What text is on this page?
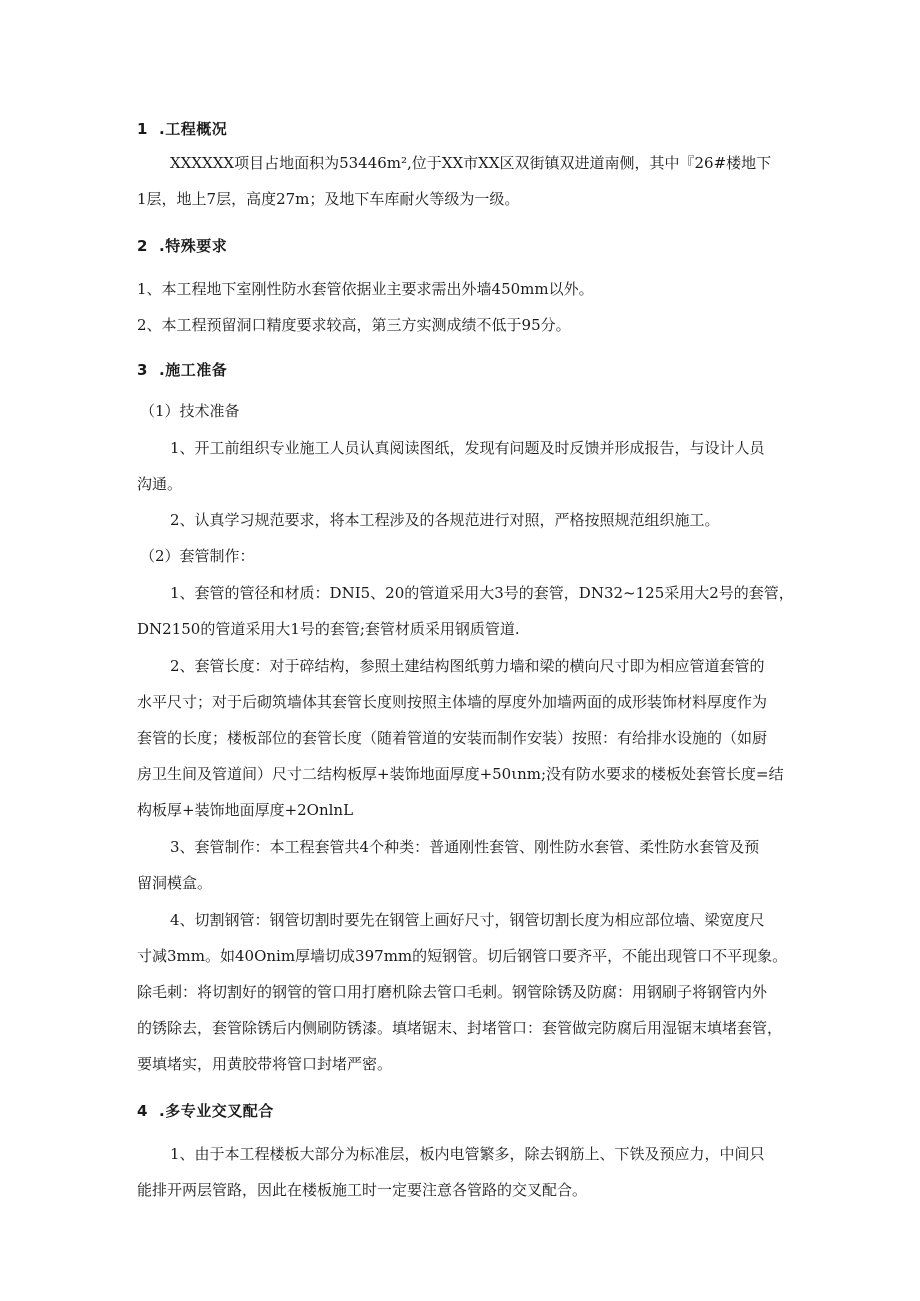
1 .工程概况
XXXXXX项目占地面积为53446m²,位于XX市XX区双街镇双进道南侧，其中『26#楼地下
1层，地上7层，高度27m；及地下车库耐火等级为一级。
2 .特殊要求
1、本工程地下室刚性防水套管依据业主要求需出外墙450mm以外。
2、本工程预留洞口精度要求较高，第三方实测成绩不低于95分。
3 .施工准备
（1）技术准备
1、开工前组织专业施工人员认真阅读图纸，发现有问题及时反馈并形成报告，与设计人员
沟通。
2、认真学习规范要求，将本工程涉及的各规范进行对照，严格按照规范组织施工。
（2）套管制作：
1、套管的管径和材质：DNI5、20的管道采用大3号的套管，DN32~125采用大2号的套管，
DN2150的管道采用大1号的套管;套管材质采用钢质管道.
2、套管长度：对于碎结构，参照土建结构图纸剪力墙和梁的横向尺寸即为相应管道套管的
水平尺寸；对于后砌筑墙体其套管长度则按照主体墙的厚度外加墙两面的成形装饰材料厚度作为
套管的长度；楼板部位的套管长度（随着管道的安装而制作安装）按照：有给排水设施的（如厨
房卫生间及管道间）尺寸二结构板厚+装饰地面厚度+50ιnm;没有防水要求的楼板处套管长度=结
构板厚+装饰地面厚度+2OnlnL
3、套管制作：本工程套管共4个种类：普通刚性套管、刚性防水套管、柔性防水套管及预
留洞模盒。
4、切割钢管：钢管切割时要先在钢管上画好尺寸，钢管切割长度为相应部位墙、梁宽度尺
寸减3mm。如40Onim厚墙切成397mm的短钢管。切后钢管口要齐平，不能出现管口不平现象。
除毛刺：将切割好的钢管的管口用打磨机除去管口毛刺。钢管除锈及防腐：用钢刷子将钢管内外
的锈除去，套管除锈后内侧刷防锈漆。填堵锯末、封堵管口：套管做完防腐后用湿锯末填堵套管，
要填堵实，用黄胶带将管口封堵严密。
4 .多专业交叉配合
1、由于本工程楼板大部分为标准层，板内电管繁多，除去钢筋上、下铁及预应力，中间只
能排开两层管路，因此在楼板施工时一定要注意各管路的交叉配合。
